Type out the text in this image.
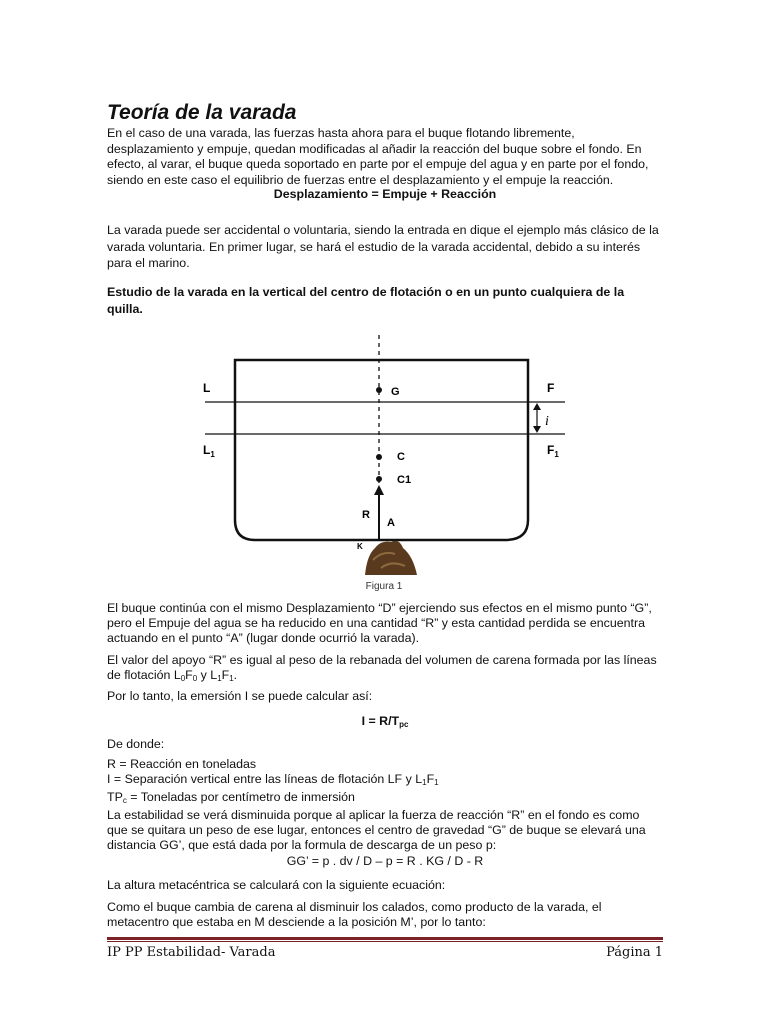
Teoría de la varada

En el caso de una varada, las fuerzas hasta ahora para el buque flotando libremente, desplazamiento y empuje, quedan modificadas al añadir la reacción del buque sobre el fondo. En efecto, al varar, el buque queda soportado en parte por el empuje del agua y en parte por el fondo, siendo en este caso el equilibrio de fuerzas entre el desplazamiento y el empuje la reacción.

Desplazamiento = Empuje + Reacción

La varada puede ser accidental o voluntaria, siendo la entrada en dique el ejemplo más clásico de la varada voluntaria. En primer lugar, se hará el estudio de la varada accidental, debido a su interés para el marino.

Estudio de la varada en la vertical del centro de flotación o en un punto cualquiera de la quilla.

L
$L_1$
F
$F_1$
G
C
C1
R
A
K
i
Figura 1

El buque continúa con el mismo Desplazamiento “D” ejerciendo sus efectos en el mismo punto “G”, pero el Empuje del agua se ha reducido en una cantidad “R” y esta cantidad perdida se encuentra actuando en el punto “A” (lugar donde ocurrió la varada).

El valor del apoyo “R” es igual al peso de la rebanada del volumen de carena formada por las líneas de flotación $L_0F_0$ y $L_1F_1$.

Por lo tanto, la emersión I se puede calcular así:

$I = R/T_{pc}$

De donde:

R = Reacción en toneladas
I = Separación vertical entre las líneas de flotación LF y $L_1F_1$
$TP_c$ = Toneladas por centímetro de inmersión
La estabilidad se verá disminuida porque al aplicar la fuerza de reacción “R” en el fondo es como que se quitara un peso de ese lugar, entonces el centro de gravedad “G” de buque se elevará una distancia GG’, que está dada por la formula de descarga de un peso p:

GG’ = p . dv / D – p = R . KG / D - R

La altura metacéntrica se calculará con la siguiente ecuación:

Como el buque cambia de carena al disminuir los calados, como producto de la varada, el metacentro que estaba en M desciende a la posición M’, por lo tanto:

IP PP Estabilidad- Varada	Página 1
